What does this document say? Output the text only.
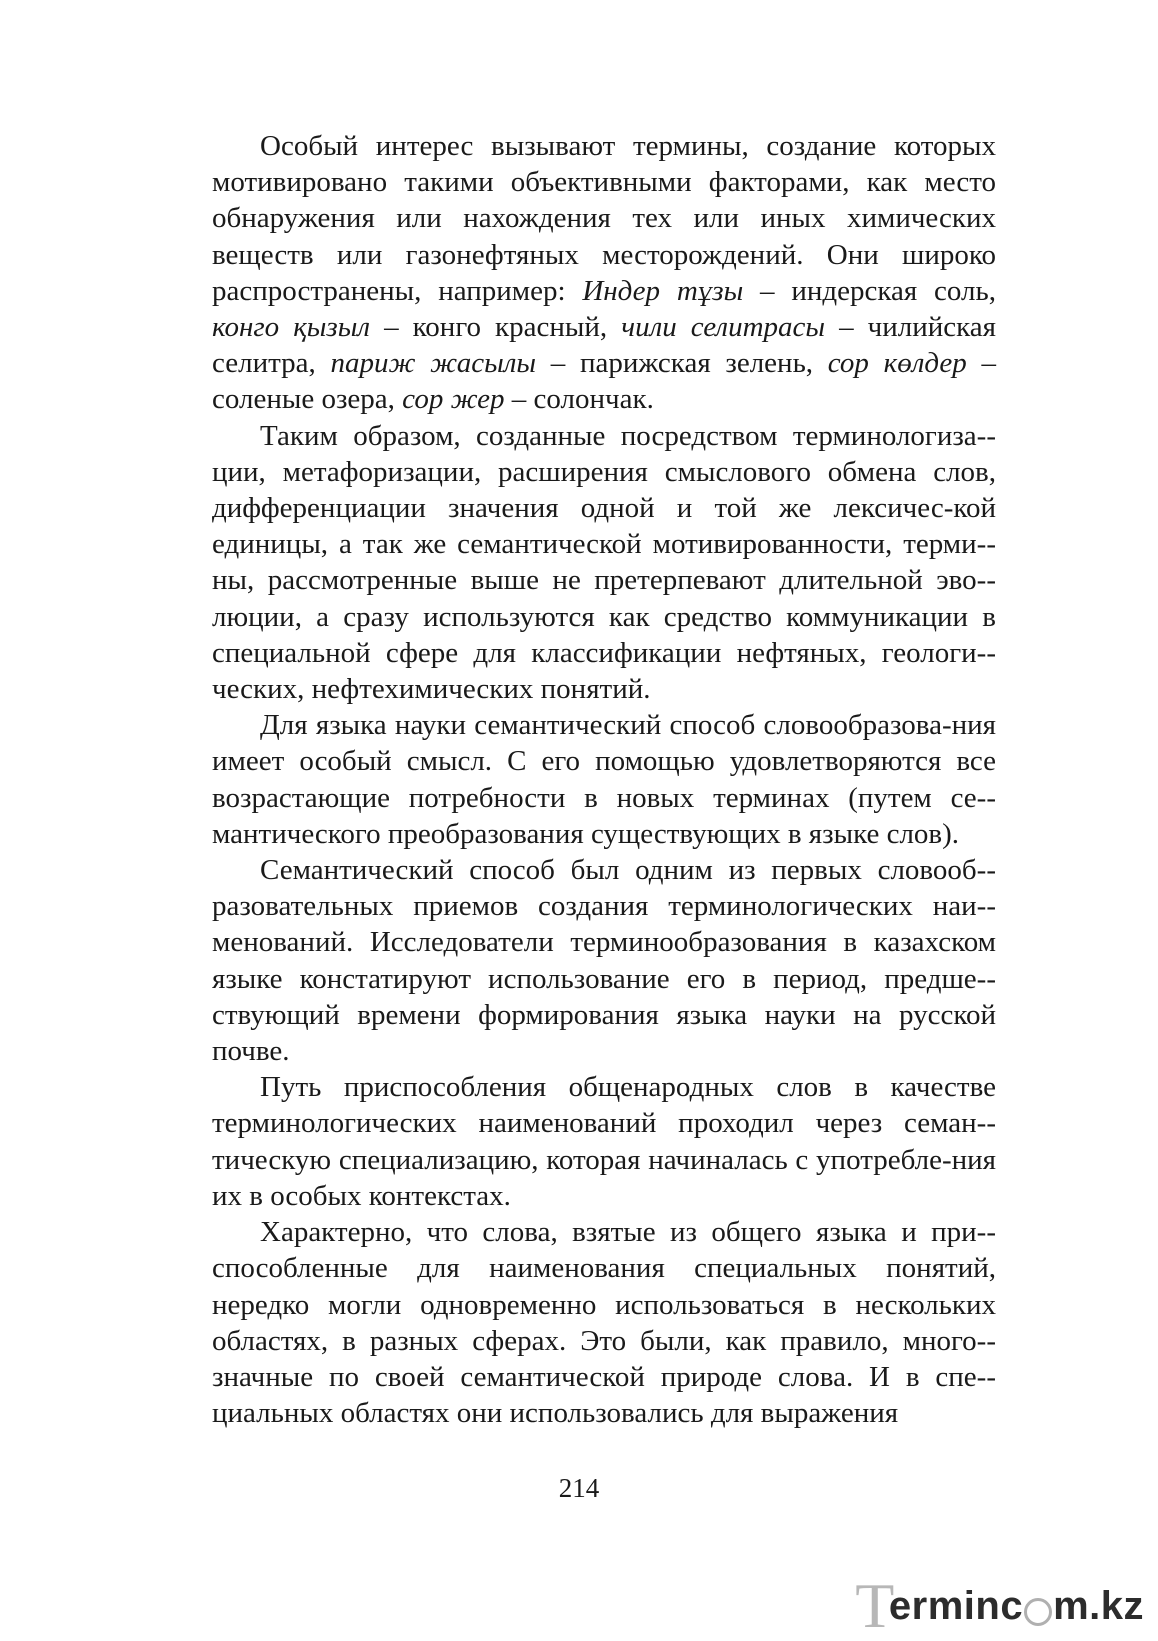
Особый интерес вызывают термины, создание которых мотивировано такими объективными факторами, как место обнаружения или нахождения тех или иных химических веществ или газонефтяных месторождений. Они широко распространены, например: Индер тұзы – индерская соль, конго қызыл – конго красный, чили селитрасы – чилийская селитра, париж жасылы – парижская зелень, сор көлдер – соленые озера, сор жер – солончак.

Таким образом, созданные посредством терминологиза-ции, метафоризации, расширения смыслового обмена слов, дифференциации значения одной и той же лексичес-кой единицы, а так же семантической мотивированности, терми-ны, рассмотренные выше не претерпевают длительной эво-люции, а сразу используются как средство коммуникации в специальной сфере для классификации нефтяных, геологи-ческих, нефтехимических понятий.

Для языка науки семантический способ словообразова-ния имеет особый смысл. С его помощью удовлетворяются все возрастающие потребности в новых терминах (путем се-мантического преобразования существующих в языке слов).

Семантический способ был одним из первых словооб-разовательных приемов создания терминологических наи-менований. Исследователи терминообразования в казахском языке констатируют использование его в период, предше-ствующий времени формирования языка науки на русской почве.

Путь приспособления общенародных слов в качестве терминологических наименований проходил через семан-тическую специализацию, которая начиналась с употребле-ния их в особых контекстах.

Характерно, что слова, взятые из общего языка и при-способленные для наименования специальных понятий, нередко могли одновременно использоваться в нескольких областях, в разных сферах. Это были, как правило, много-значные по своей семантической природе слова. И в спе-циальных областях они использовались для выражения

214
T
erminc m.kz
